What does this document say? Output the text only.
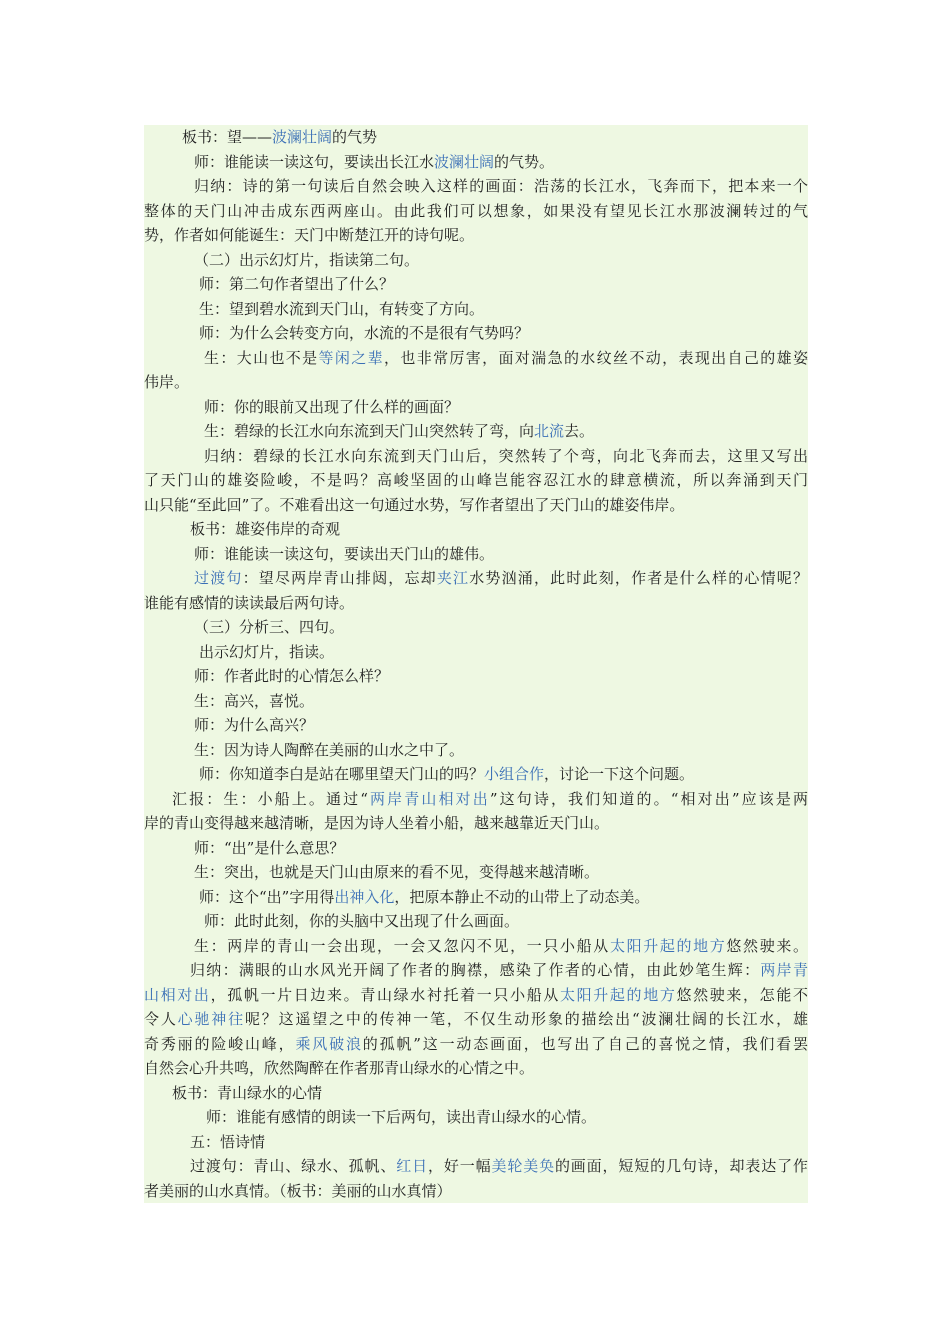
板书：望——波澜壮阔的气势
师：谁能读一读这句，要读出长江水波澜壮阔的气势。
归纳：诗的第一句读后自然会映入这样的画面：浩荡的长江水，飞奔而下，把本来一个
整体的天门山冲击成东西两座山。由此我们可以想象，如果没有望见长江水那波澜转过的气
势，作者如何能诞生：天门中断楚江开的诗句呢。
（二）出示幻灯片，指读第二句。
师：第二句作者望出了什么？
生：望到碧水流到天门山，有转变了方向。
师：为什么会转变方向，水流的不是很有气势吗？
生：大山也不是等闲之辈，也非常厉害，面对湍急的水纹丝不动，表现出自己的雄姿
伟岸。
师：你的眼前又出现了什么样的画面？
生：碧绿的长江水向东流到天门山突然转了弯，向北流去。
归纳：碧绿的长江水向东流到天门山后，突然转了个弯，向北飞奔而去，这里又写出
了天门山的雄姿险峻，不是吗？高峻坚固的山峰岂能容忍江水的肆意横流，所以奔涌到天门
山只能“至此回”了。不难看出这一句通过水势，写作者望出了天门山的雄姿伟岸。
板书：雄姿伟岸的奇观
师：谁能读一读这句，要读出天门山的雄伟。
过渡句：望尽两岸青山排闼，忘却夹江水势汹涌，此时此刻，作者是什么样的心情呢？
谁能有感情的读读最后两句诗。
（三）分析三、四句。
出示幻灯片，指读。
师：作者此时的心情怎么样？
生：高兴，喜悦。
师：为什么高兴？
生：因为诗人陶醉在美丽的山水之中了。
师：你知道李白是站在哪里望天门山的吗？小组合作，讨论一下这个问题。
汇报：生：小船上。通过“两岸青山相对出”这句诗，我们知道的。“相对出”应该是两
岸的青山变得越来越清晰，是因为诗人坐着小船，越来越靠近天门山。
师：“出”是什么意思？
生：突出，也就是天门山由原来的看不见，变得越来越清晰。
师：这个“出”字用得出神入化，把原本静止不动的山带上了动态美。
师：此时此刻，你的头脑中又出现了什么画面。
生：两岸的青山一会出现，一会又忽闪不见，一只小船从太阳升起的地方悠然驶来。
归纳：满眼的山水风光开阔了作者的胸襟，感染了作者的心情，由此妙笔生辉：两岸青
山相对出，孤帆一片日边来。青山绿水衬托着一只小船从太阳升起的地方悠然驶来，怎能不
令人心驰神往呢？这遥望之中的传神一笔，不仅生动形象的描绘出“波澜壮阔的长江水，雄
奇秀丽的险峻山峰，乘风破浪的孤帆”这一动态画面，也写出了自己的喜悦之情，我们看罢
自然会心升共鸣，欣然陶醉在作者那青山绿水的心情之中。
板书：青山绿水的心情
师：谁能有感情的朗读一下后两句，读出青山绿水的心情。
五：悟诗情
过渡句：青山、绿水、孤帆、红日，好一幅美轮美奂的画面，短短的几句诗，却表达了作
者美丽的山水真情。（板书：美丽的山水真情）
